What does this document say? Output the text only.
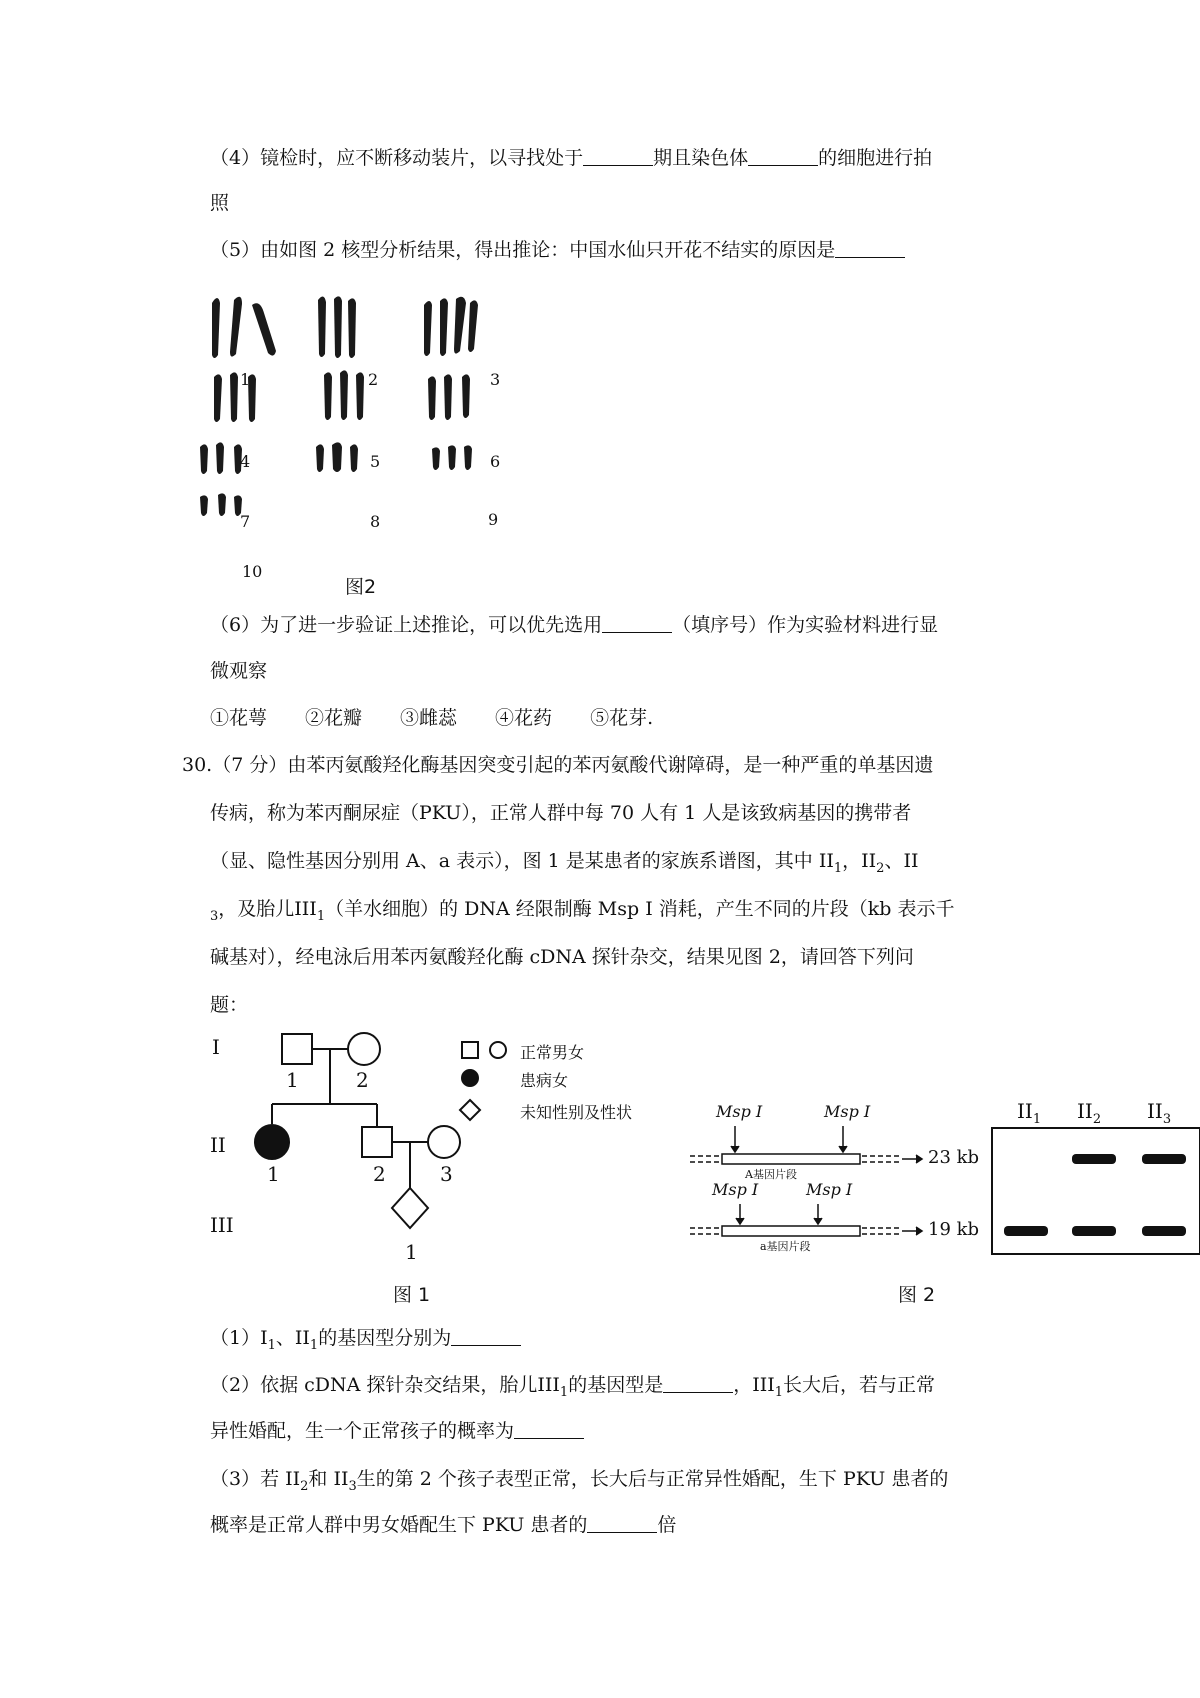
（4）镜检时，应不断移动装片，以寻找处于	期且染色体	的细胞进行拍
照
（5）由如图 2 核型分析结果，得出推论：中国水仙只开花不结实的原因是
1	2	3
4	5	6
7	8	9
10
图2
（6）为了进一步验证上述推论，可以优先选用	（填序号）作为实验材料进行显
微观察
①花萼 ②花瓣 ③雌蕊 ④花药 ⑤花芽.
30.（7 分）由苯丙氨酸羟化酶基因突变引起的苯丙氨酸代谢障碍，是一种严重的单基因遗
传病，称为苯丙酮尿症（PKU），正常人群中每 70 人有 1 人是该致病基因的携带者
（显、隐性基因分别用 A、a 表示），图 1 是某患者的家族系谱图，其中 $II_1$，$II_2$、II
$_3$，及胎儿$III_1$（羊水细胞）的 DNA 经限制酶 Msp I 消耗，产生不同的片段（kb 表示千
碱基对），经电泳后用苯丙氨酸羟化酶 cDNA 探针杂交，结果见图 2，请回答下列问
题：
I
II
III
1	2
1	2	3
1
正常男女
患病女
未知性别及性状
图 1
Msp I	Msp I
Msp I	Msp I
A基因片段
a基因片段
23 kb
19 kb
$II_1$ $II_2$ $II_3$
图 2
$(1)I_1$、$II_1$的基因型分别为
（2）依据 cDNA 探针杂交结果，胎儿$III_1$的基因型是	，$III_1$长大后，若与正常
异性婚配，生一个正常孩子的概率为
（3）若 $II_2$和 $II_3$生的第 2 个孩子表型正常，长大后与正常异性婚配，生下 PKU 患者的
概率是正常人群中男女婚配生下 PKU 患者的	倍
